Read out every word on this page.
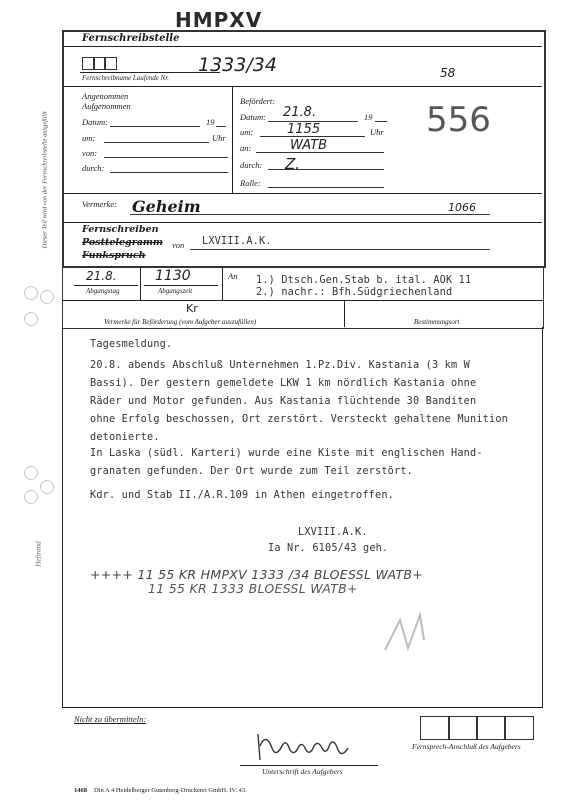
HMPXV
Dieser Teil wird von der Fernschreibstelle ausgefüllt
Heftrand
Fernschreibstelle
Fernschreibname Laufende Nr.
1333/34	58
Angenommen
Aufgenommen
Datum:	19
um:	Uhr
von:
durch:
Befördert:
Datum: 21.8.	19
um:	1155	Uhr
an:	WATB
durch: Z.
Rolle:
556
Vermerke: Geheim	1066
Fernschreiben
Posttelegramm
Funkspruch
von LXVIII.A.K.
21.8.
Abgangstag
1130
Abgangszeit
An 1.) Dtsch.Gen.Stab b. ital. AOK 11
2.) nachr.: Bfh.Südgriechenland
Kr
Vermerke für Beförderung (vom Aufgeber auszufüllen)	Bestimmungsort
Tagesmeldung.
20.8. abends Abschluß Unternehmen 1.Pz.Div. Kastania (3 km W
Bassi). Der gestern gemeldete LKW 1 km nördlich Kastania ohne
Räder und Motor gefunden. Aus Kastania flüchtende 30 Banditen
ohne Erfolg beschossen, Ort zerstört. Versteckt gehaltene Munition
detonierte.
In Laska (südl. Karteri) wurde eine Kiste mit englischen Hand-
granaten gefunden. Der Ort wurde zum Teil zerstört.
Kdr. und Stab II./A.R.109 in Athen eingetroffen.
LXVIII.A.K.
Ia Nr. 6105/43 geh.
++++ 11 55 KR HMPXV 1333 /34 BLOESSL WATB+
11 55 KR 1333 BLOESSL WATB+
Nicht zu übermitteln:
Fernsprech-Anschluß des Aufgebers
Unterschrift des Aufgebers
1468 Din A 4 Heidelberger Gutenberg-Druckerei GmbH. IV. 43.
